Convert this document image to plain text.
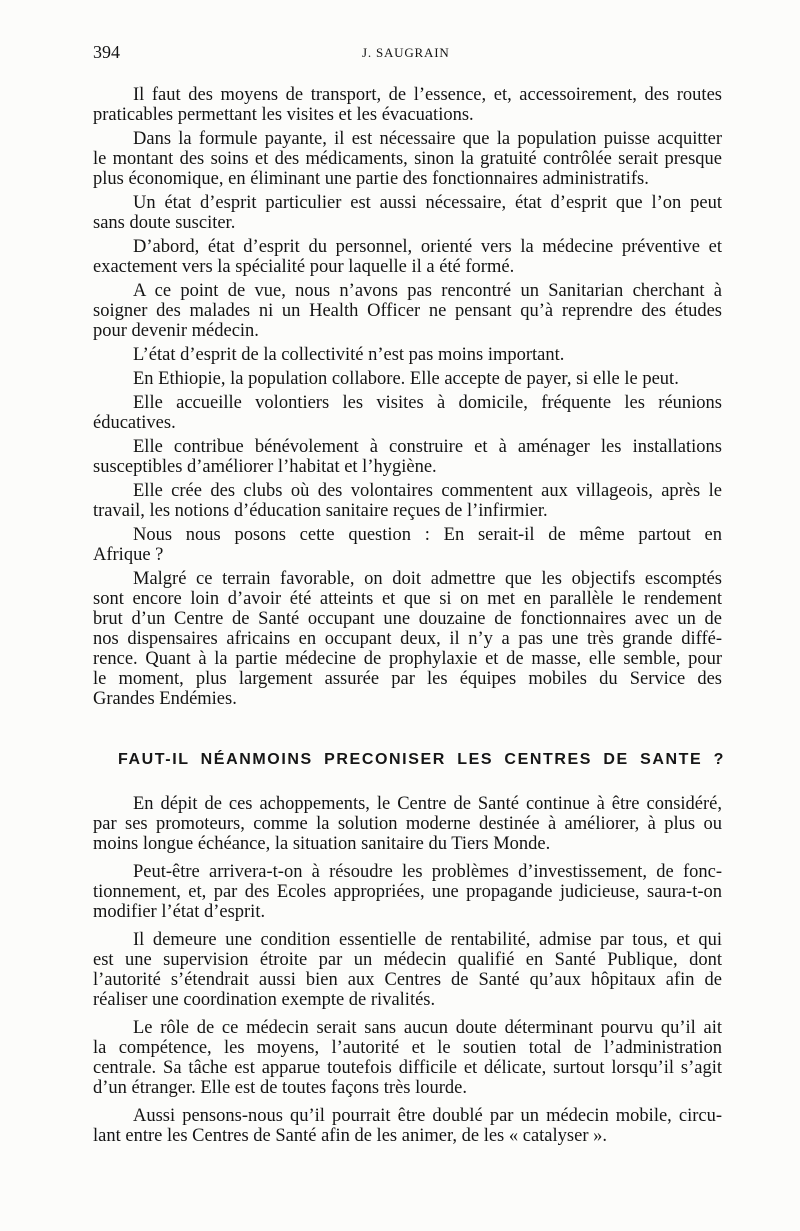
394	J. SAUGRAIN
Il faut des moyens de transport, de l’essence, et, accessoirement, des routes
praticables permettant les visites et les évacuations.
Dans la formule payante, il est nécessaire que la population puisse acquitter
le montant des soins et des médicaments, sinon la gratuité contrôlée serait presque
plus économique, en éliminant une partie des fonctionnaires administratifs.
Un état d’esprit particulier est aussi nécessaire, état d’esprit que l’on peut
sans doute susciter.
D’abord, état d’esprit du personnel, orienté vers la médecine préventive et
exactement vers la spécialité pour laquelle il a été formé.
A ce point de vue, nous n’avons pas rencontré un Sanitarian cherchant à
soigner des malades ni un Health Officer ne pensant qu’à reprendre des études
pour devenir médecin.
L’état d’esprit de la collectivité n’est pas moins important.
En Ethiopie, la population collabore. Elle accepte de payer, si elle le peut.
Elle accueille volontiers les visites à domicile, fréquente les réunions
éducatives.
Elle contribue bénévolement à construire et à aménager les installations
susceptibles d’améliorer l’habitat et l’hygiène.
Elle crée des clubs où des volontaires commentent aux villageois, après le
travail, les notions d’éducation sanitaire reçues de l’infirmier.
Nous nous posons cette question : En serait-il de même partout en
Afrique ?
Malgré ce terrain favorable, on doit admettre que les objectifs escomptés
sont encore loin d’avoir été atteints et que si on met en parallèle le rendement
brut d’un Centre de Santé occupant une douzaine de fonctionnaires avec un de
nos dispensaires africains en occupant deux, il n’y a pas une très grande diffé-
rence. Quant à la partie médecine de prophylaxie et de masse, elle semble, pour
le moment, plus largement assurée par les équipes mobiles du Service des
Grandes Endémies.
FAUT-IL NÉANMOINS PRECONISER LES CENTRES DE SANTE ?
En dépit de ces achoppements, le Centre de Santé continue à être considéré,
par ses promoteurs, comme la solution moderne destinée à améliorer, à plus ou
moins longue échéance, la situation sanitaire du Tiers Monde.
Peut-être arrivera-t-on à résoudre les problèmes d’investissement, de fonc-
tionnement, et, par des Ecoles appropriées, une propagande judicieuse, saura-t-on
modifier l’état d’esprit.
Il demeure une condition essentielle de rentabilité, admise par tous, et qui
est une supervision étroite par un médecin qualifié en Santé Publique, dont
l’autorité s’étendrait aussi bien aux Centres de Santé qu’aux hôpitaux afin de
réaliser une coordination exempte de rivalités.
Le rôle de ce médecin serait sans aucun doute déterminant pourvu qu’il ait
la compétence, les moyens, l’autorité et le soutien total de l’administration
centrale. Sa tâche est apparue toutefois difficile et délicate, surtout lorsqu’il s’agit
d’un étranger. Elle est de toutes façons très lourde.
Aussi pensons-nous qu’il pourrait être doublé par un médecin mobile, circu-
lant entre les Centres de Santé afin de les animer, de les « catalyser ».
